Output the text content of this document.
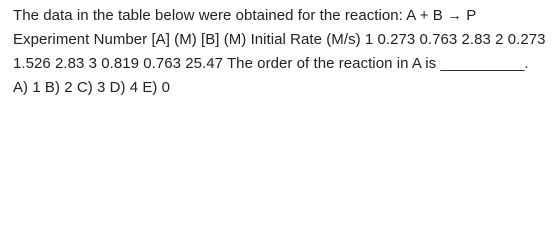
The data in the table below were obtained for the reaction: A + B → P Experiment Number [A] (M) [B] (M) Initial Rate (M/s) 1 0.273 0.763 2.83 2 0.273 1.526 2.83 3 0.819 0.763 25.47 The order of the reaction in A is __________. A) 1 B) 2 C) 3 D) 4 E) 0
